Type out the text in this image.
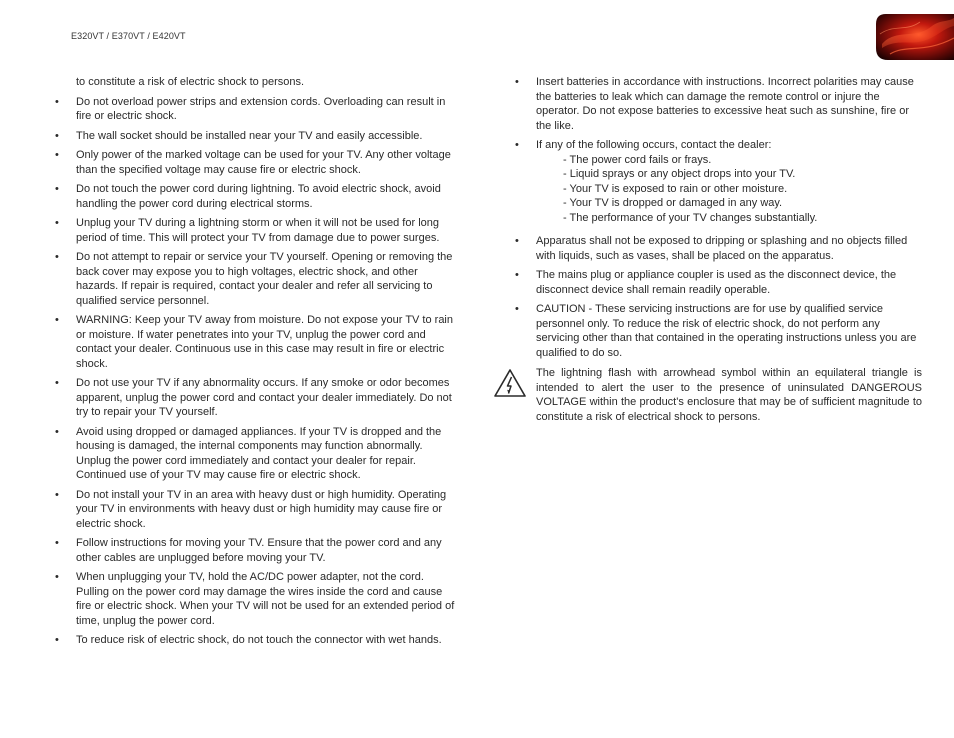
E320VT / E370VT / E420VT
to constitute a risk of electric shock to persons.
• Do not overload power strips and extension cords. Overloading can result in fire or electric shock.
• The wall socket should be installed near your TV and easily accessible.
• Only power of the marked voltage can be used for your TV. Any other voltage than the specified voltage may cause fire or electric shock.
• Do not touch the power cord during lightning. To avoid electric shock, avoid handling the power cord during electrical storms.
• Unplug your TV during a lightning storm or when it will not be used for long period of time. This will protect your TV from damage due to power surges.
• Do not attempt to repair or service your TV yourself. Opening or removing the back cover may expose you to high voltages, electric shock, and other hazards. If repair is required, contact your dealer and refer all servicing to qualified service personnel.
• WARNING: Keep your TV away from moisture. Do not expose your TV to rain or moisture. If water penetrates into your TV, unplug the power cord and contact your dealer. Continuous use in this case may result in fire or electric shock.
• Do not use your TV if any abnormality occurs. If any smoke or odor becomes apparent, unplug the power cord and contact your dealer immediately. Do not try to repair your TV yourself.
• Avoid using dropped or damaged appliances. If your TV is dropped and the housing is damaged, the internal components may function abnormally. Unplug the power cord immediately and contact your dealer for repair. Continued use of your TV may cause fire or electric shock.
• Do not install your TV in an area with heavy dust or high humidity. Operating your TV in environments with heavy dust or high humidity may cause fire or electric shock.
• Follow instructions for moving your TV. Ensure that the power cord and any other cables are unplugged before moving your TV.
• When unplugging your TV, hold the AC/DC power adapter, not the cord. Pulling on the power cord may damage the wires inside the cord and cause fire or electric shock. When your TV will not be used for an extended period of time, unplug the power cord.
• To reduce risk of electric shock, do not touch the connector with wet hands.
• Insert batteries in accordance with instructions. Incorrect polarities may cause the batteries to leak which can damage the remote control or injure the operator. Do not expose batteries to excessive heat such as sunshine, fire or the like.
• If any of the following occurs, contact the dealer:
- The power cord fails or frays.
- Liquid sprays or any object drops into your TV.
- Your TV is exposed to rain or other moisture.
- Your TV is dropped or damaged in any way.
- The performance of your TV changes substantially.
• Apparatus shall not be exposed to dripping or splashing and no objects filled with liquids, such as vases, shall be placed on the apparatus.
• The mains plug or appliance coupler is used as the disconnect device, the disconnect device shall remain readily operable.
• CAUTION - These servicing instructions are for use by qualified service personnel only. To reduce the risk of electric shock, do not perform any servicing other than that contained in the operating instructions unless you are qualified to do so.
The lightning flash with arrowhead symbol within an equilateral triangle is intended to alert the user to the presence of uninsulated DANGEROUS VOLTAGE within the product's enclosure that may be of sufficient magnitude to constitute a risk of electrical shock to persons.
